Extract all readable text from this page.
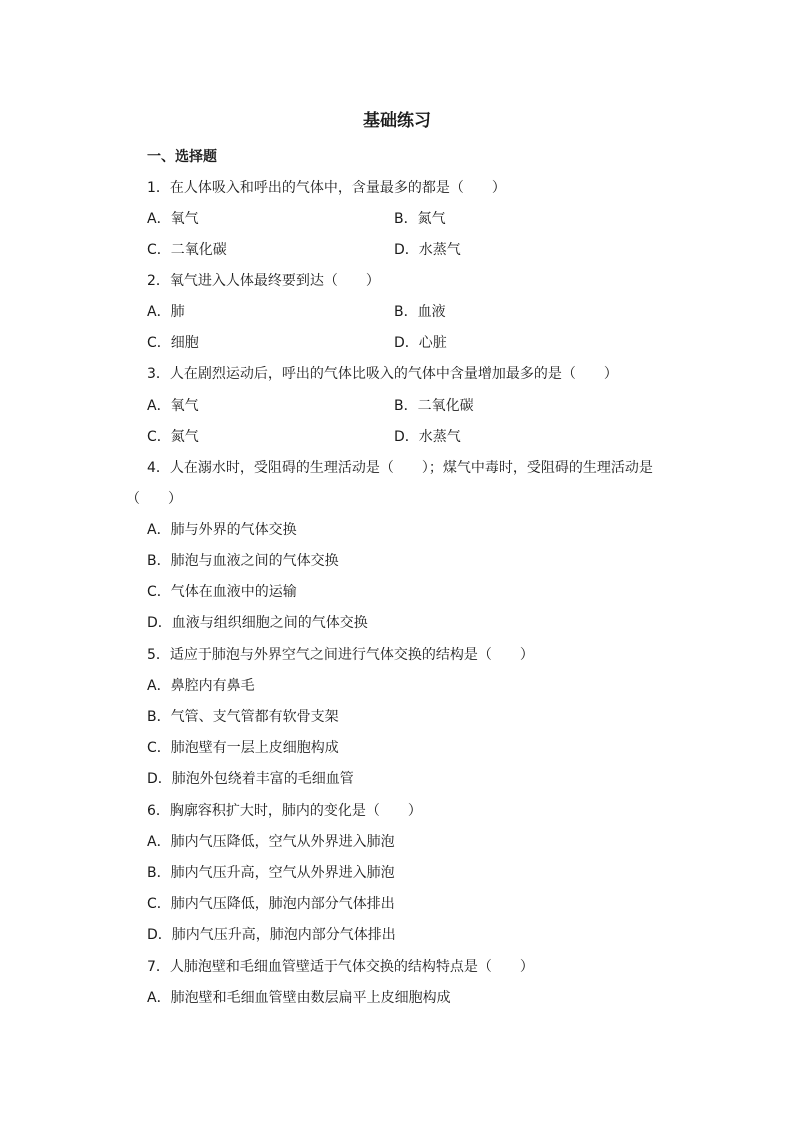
基础练习
一、选择题
1．在人体吸入和呼出的气体中，含量最多的都是（　　）
A．氧气	B．氮气
C．二氧化碳	D．水蒸气
2．氧气进入人体最终要到达（　　）
A．肺	B．血液
C．细胞	D．心脏
3．人在剧烈运动后，呼出的气体比吸入的气体中含量增加最多的是（　　）
A．氧气	B．二氧化碳
C．氮气	D．水蒸气
4．人在溺水时，受阻碍的生理活动是（　　）；煤气中毒时，受阻碍的生理活动是
（　　）
A．肺与外界的气体交换
B．肺泡与血液之间的气体交换
C．气体在血液中的运输
D．血液与组织细胞之间的气体交换
5．适应于肺泡与外界空气之间进行气体交换的结构是（　　）
A．鼻腔内有鼻毛
B．气管、支气管都有软骨支架
C．肺泡壁有一层上皮细胞构成
D．肺泡外包绕着丰富的毛细血管
6．胸廓容积扩大时，肺内的变化是（　　）
A．肺内气压降低，空气从外界进入肺泡
B．肺内气压升高，空气从外界进入肺泡
C．肺内气压降低，肺泡内部分气体排出
D．肺内气压升高，肺泡内部分气体排出
7．人肺泡壁和毛细血管壁适于气体交换的结构特点是（　　）
A．肺泡壁和毛细血管壁由数层扁平上皮细胞构成
